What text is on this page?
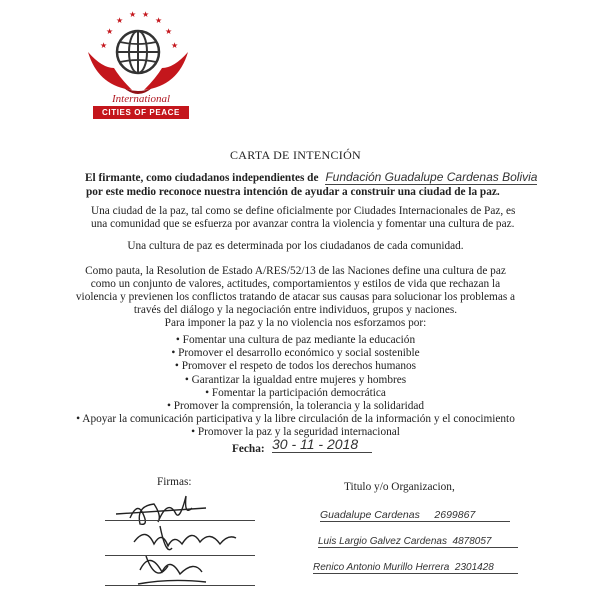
★
★
★
★ ★
★
★
★
International
CITIES OF PEACE
CARTA DE INTENCIÓN
El firmante, como ciudadanos independientes de Fundación Guadalupe Cardenas Bolivia
por este medio reconoce nuestra intención de ayudar a construir una ciudad de la paz.
Una ciudad de la paz, tal como se define oficialmente por Ciudades Internacionales de Paz, es
una comunidad que se esfuerza por avanzar contra la violencia y fomentar una cultura de paz.
Una cultura de paz es determinada por los ciudadanos de cada comunidad.
Como pauta, la Resolution de Estado A/RES/52/13 de las Naciones define una cultura de paz
como un conjunto de valores, actitudes, comportamientos y estilos de vida que rechazan la
violencia y previenen los conflictos tratando de atacar sus causas para solucionar los problemas a
través del diálogo y la negociación entre individuos, grupos y naciones.
Para imponer la paz y la no violencia nos esforzamos por:
• Fomentar una cultura de paz mediante la educación
• Promover el desarrollo económico y social sostenible
• Promover el respeto de todos los derechos humanos
• Garantizar la igualdad entre mujeres y hombres
• Fomentar la participación democrática
• Promover la comprensión, la tolerancia y la solidaridad
• Apoyar la comunicación participativa y la libre circulación de la información y el conocimiento
• Promover la paz y la seguridad internacional
Fecha: 30 - 11 - 2018
Firmas:	Titulo y/o Organizacion,
Guadalupe Cardenas     2699867
Luis Largio Galvez Cardenas  4878057
Renico Antonio Murillo Herrera  2301428
